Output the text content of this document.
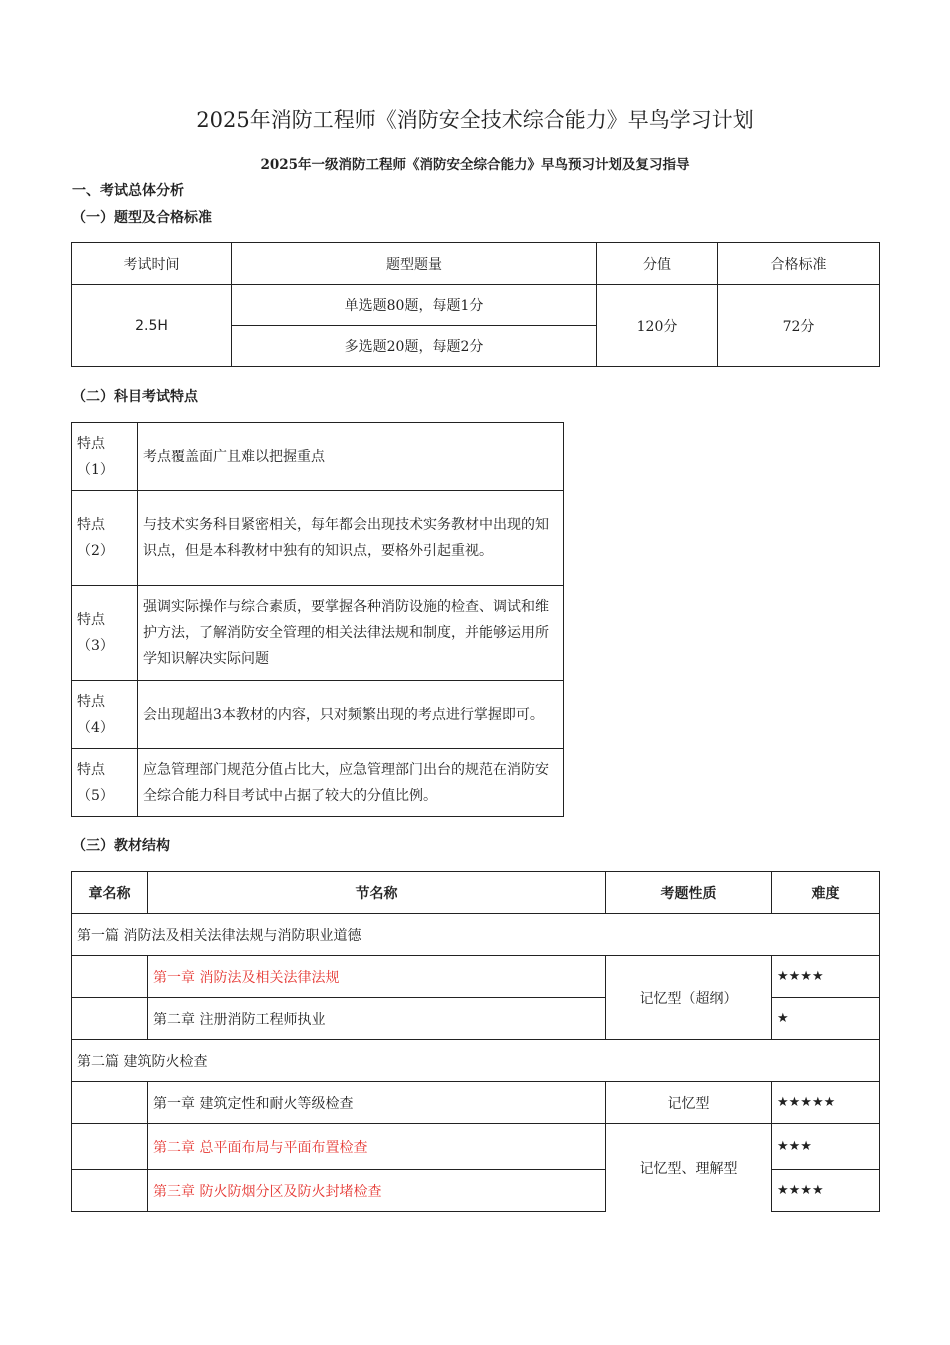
2025年消防工程师《消防安全技术综合能力》早鸟学习计划
2025年一级消防工程师《消防安全综合能力》早鸟预习计划及复习指导
一、考试总体分析
（一）题型及合格标准
考试时间	题型题量	分值	合格标准
2.5H	单选题80题，每题1分	120分	72分
	多选题20题，每题2分		
（二）科目考试特点
特点（1）	考点覆盖面广且难以把握重点
特点（2）	与技术实务科目紧密相关，每年都会出现技术实务教材中出现的知识点，但是本科教材中独有的知识点，要格外引起重视。
特点（3）	强调实际操作与综合素质，要掌握各种消防设施的检查、调试和维护方法，了解消防安全管理的相关法律法规和制度，并能够运用所学知识解决实际问题
特点（4）	会出现超出3本教材的内容，只对频繁出现的考点进行掌握即可。
特点（5）	应急管理部门规范分值占比大，应急管理部门出台的规范在消防安全综合能力科目考试中占据了较大的分值比例。
（三）教材结构
章名称	节名称	考题性质	难度
第一篇 消防法及相关法律法规与消防职业道德			
	第一章 消防法及相关法律法规	记忆型（超纲）	★★★★
	第二章 注册消防工程师执业		★
第二篇 建筑防火检查			
	第一章 建筑定性和耐火等级检查	记忆型	★★★★★
	第二章 总平面布局与平面布置检查	记忆型、理解型	★★★
	第三章 防火防烟分区及防火封堵检查		★★★★
